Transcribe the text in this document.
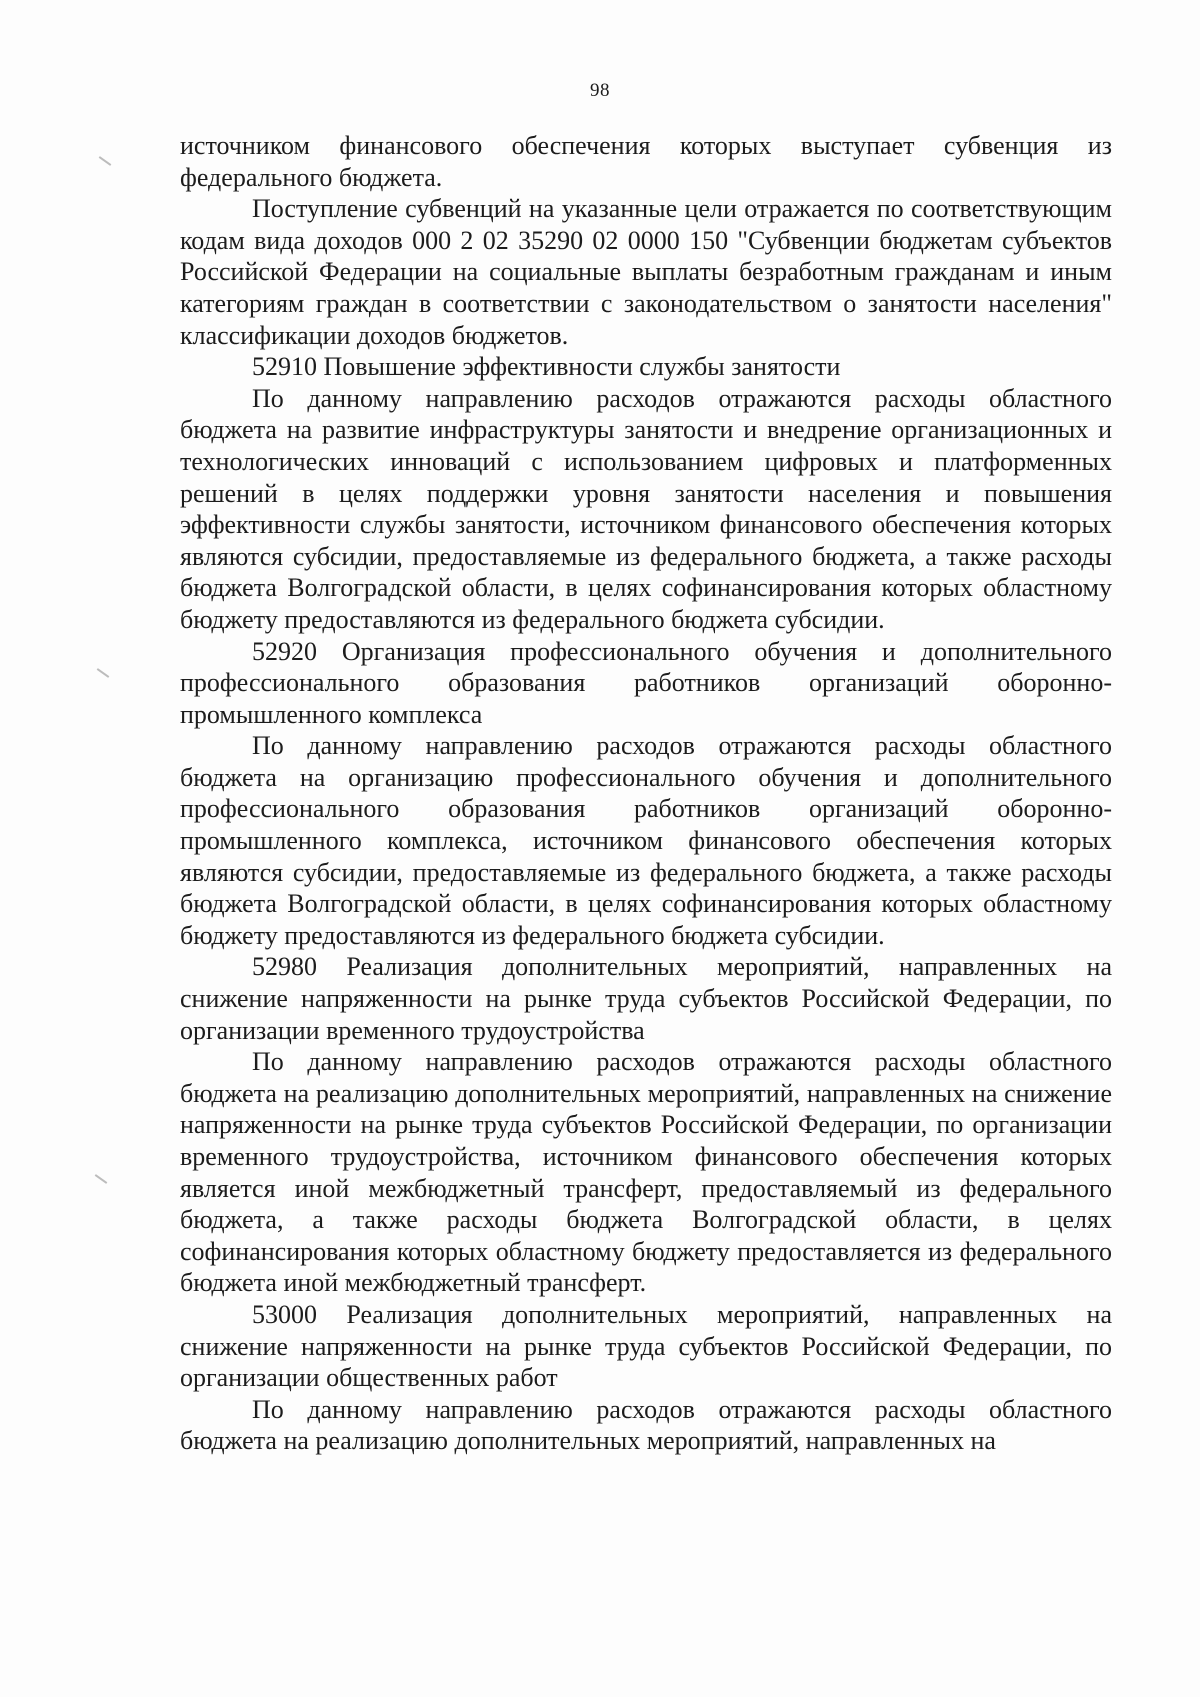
98

источником финансового обеспечения которых выступает субвенция из федерального бюджета.

Поступление субвенций на указанные цели отражается по соответствующим кодам вида доходов 000 2 02 35290 02 0000 150 "Субвенции бюджетам субъектов Российской Федерации на социальные выплаты безработным гражданам и иным категориям граждан в соответствии с законодательством о занятости населения" классификации доходов бюджетов.

52910 Повышение эффективности службы занятости

По данному направлению расходов отражаются расходы областного бюджета на развитие инфраструктуры занятости и внедрение организационных и технологических инноваций с использованием цифровых и платформенных решений в целях поддержки уровня занятости населения и повышения эффективности службы занятости, источником финансового обеспечения которых являются субсидии, предоставляемые из федерального бюджета, а также расходы бюджета Волгоградской области, в целях софинансирования которых областному бюджету предоставляются из федерального бюджета субсидии.

52920 Организация профессионального обучения и дополнительного профессионального образования работников организаций оборонно-промышленного комплекса

По данному направлению расходов отражаются расходы областного бюджета на организацию профессионального обучения и дополнительного профессионального образования работников организаций оборонно-промышленного комплекса, источником финансового обеспечения которых являются субсидии, предоставляемые из федерального бюджета, а также расходы бюджета Волгоградской области, в целях софинансирования которых областному бюджету предоставляются из федерального бюджета субсидии.

52980 Реализация дополнительных мероприятий, направленных на снижение напряженности на рынке труда субъектов Российской Федерации, по организации временного трудоустройства

По данному направлению расходов отражаются расходы областного бюджета на реализацию дополнительных мероприятий, направленных на снижение напряженности на рынке труда субъектов Российской Федерации, по организации временного трудоустройства, источником финансового обеспечения которых является иной межбюджетный трансферт, предоставляемый из федерального бюджета, а также расходы бюджета Волгоградской области, в целях софинансирования которых областному бюджету предоставляется из федерального бюджета иной межбюджетный трансферт.

53000 Реализация дополнительных мероприятий, направленных на снижение напряженности на рынке труда субъектов Российской Федерации, по организации общественных работ

По данному направлению расходов отражаются расходы областного бюджета на реализацию дополнительных мероприятий, направленных на
